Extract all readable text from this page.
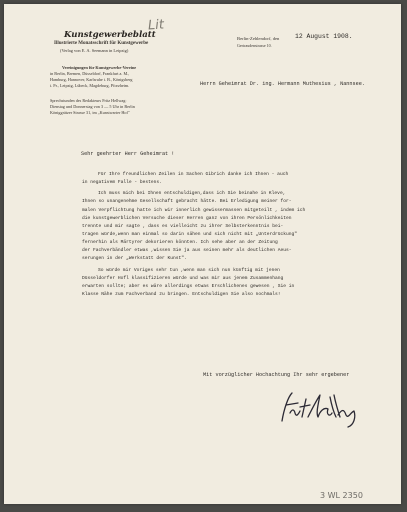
Lit
Kunstgewerbeblatt
Illustrierte Monatsschrift für Kunstgewerbe
(Verlag von E. A. Seemann in Leipzig)
Vereinigungen für Kunstgewerbe-Vereine
in Berlin, Bremen, Düsseldorf, Frankfurt a. M.,
Hamburg, Hannover, Karlsruhe i. B., Königsberg
i. Pr., Leipzig, Lübeck, Magdeburg, Pforzheim.
Sprechstunden des Redakteurs Fritz Hellwag:
Dienstag und Donnerstag von 3 — 5 Uhr in Berlin
Königgrätzer Strasse 31, im „Kunstwarter Hof"
Berlin-Zehlendorf, den
Gertraudenstrasse 10.
12 August 1908.
Herrn Geheimrat Dr. ing. Hermann Muthesius , Nannsee.
Sehr geehrter Herr Geheimrat !
Für Ihre freundlichen Zeilen in Sachen Gibrich danke ich Ihnen - auch
in negativem Falle - bestens.
Ich muss mich bei Ihnen entschuldigen,dass ich Sie beinahe in Kleve,
Ihnen so unangenehme Gesellschaft gebracht hätte. Bei Erledigung meiner for-
malen Verpflichtung hatte ich wir innerlich gewissermassen mitgeteilt , indem ich
die kunstgewerblichen Versuche dieser Herren ganz von ihren Persönlichkeiten
trennte und mir sagte , dass es vielleicht zu ihrer Selbsterkenntnis bei-
tragen würde,wenn man einmal so darin sähen und sich nicht mit „Unterdrückung"
fernerhin als Märtyrer dekorieren könnten. Ich sehe aber an der Zeitung
der Fachverbändler etwas ,wissen Sie ja aus seinen mehr als deutlichen Aeus-
serungen in der „Werkstatt der Kunst".
So würde mir Voriges sehr tun ,wenn man sich nun künftig mit jenen
Düsseldorfer Hofl klassifizieren würde und was mir aus jenem Zusammenhang
erwarten sollte; aber es wäre allerdings etwas Erschlichenes gewesen , Sie in
Klasse Nähe zum Fachverband zu bringen. Entschuldigen Sie also nochmals!
Mit vorzüglicher Hochachtung Ihr sehr ergebener
3 WL 2350
